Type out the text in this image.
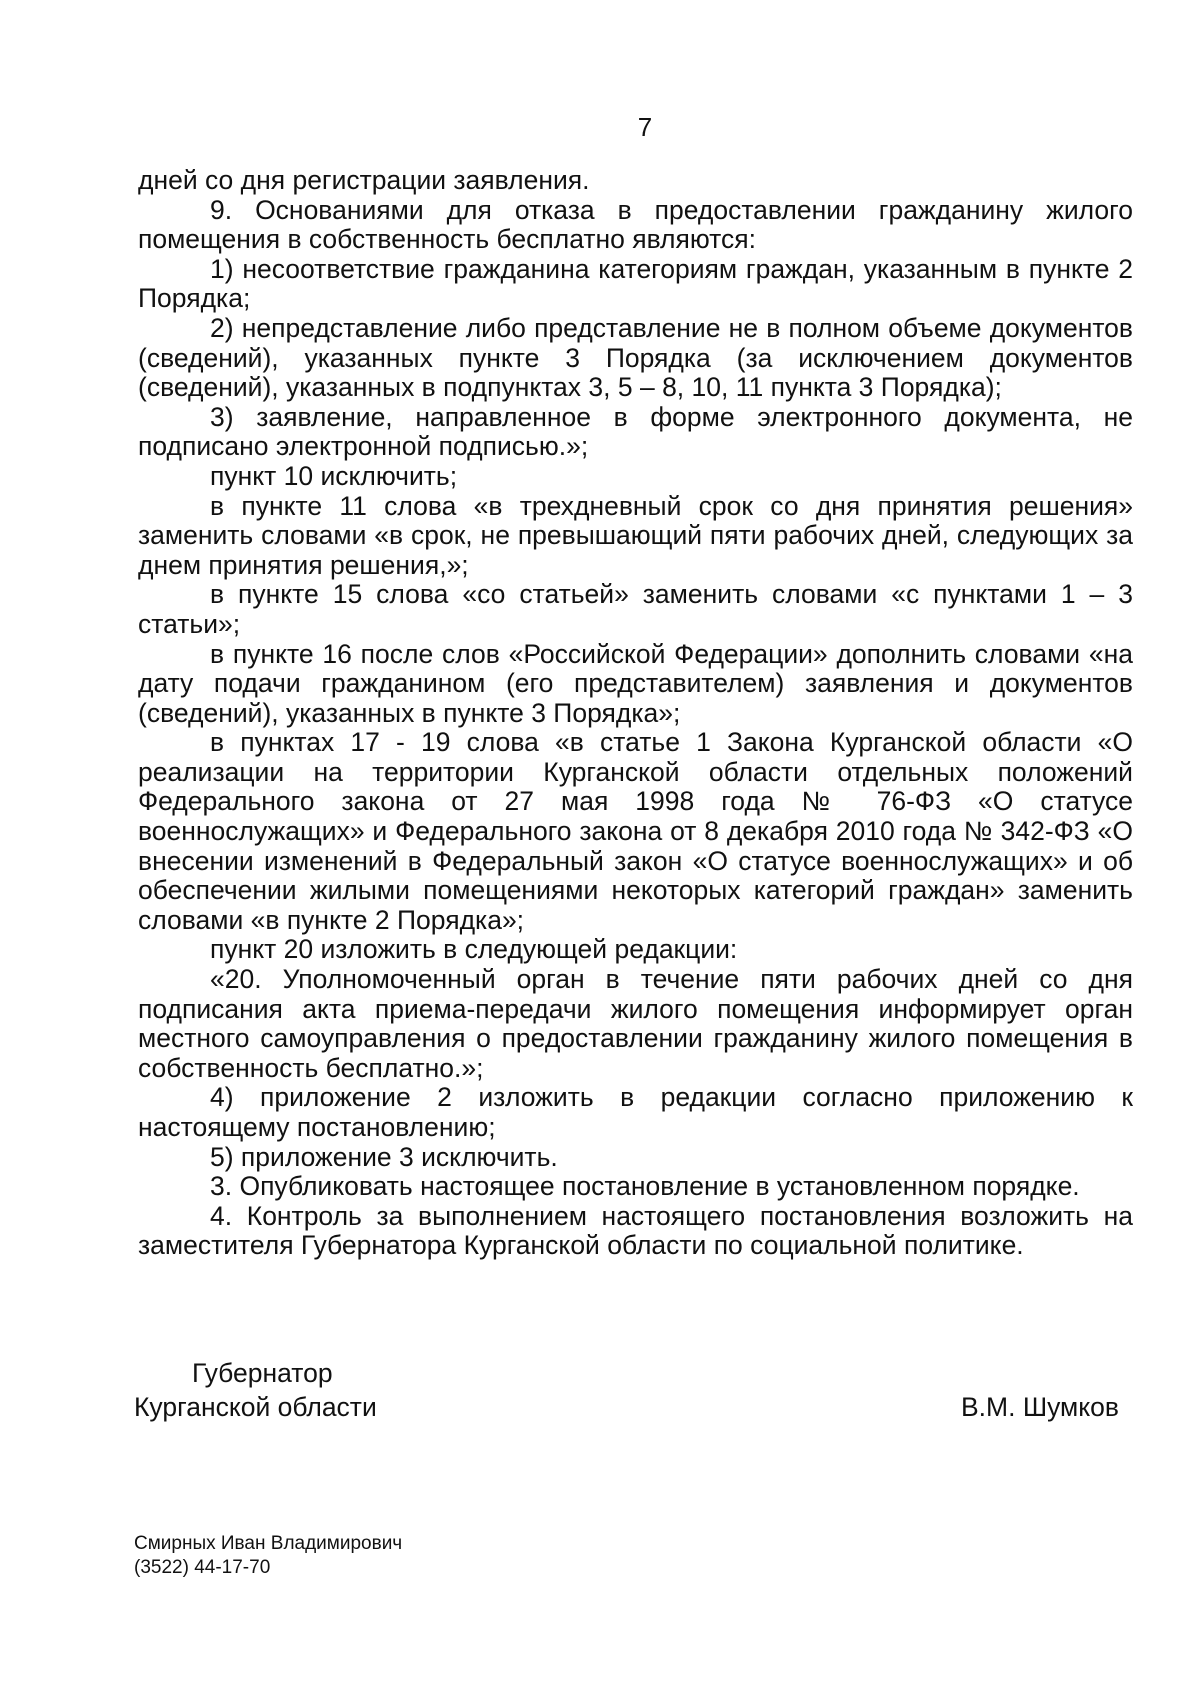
7

дней со дня регистрации заявления.

9. Основаниями для отказа в предоставлении гражданину жилого помещения в собственность бесплатно являются:

1) несоответствие гражданина категориям граждан, указанным в пункте 2 Порядка;

2) непредставление либо представление не в полном объеме документов (сведений), указанных пункте 3 Порядка (за исключением документов (сведений), указанных в подпунктах 3, 5 – 8, 10, 11 пункта 3 Порядка);

3) заявление, направленное в форме электронного документа, не подписано электронной подписью.»;

пункт 10 исключить;

в пункте 11 слова «в трехдневный срок со дня принятия решения» заменить словами «в срок, не превышающий пяти рабочих дней, следующих за днем принятия решения,»;

в пункте 15 слова «со статьей» заменить словами «с пунктами 1 – 3 статьи»;

в пункте 16 после слов «Российской Федерации» дополнить словами «на дату подачи гражданином (его представителем) заявления и документов (сведений), указанных в пункте 3 Порядка»;

в пунктах 17 - 19 слова «в статье 1 Закона Курганской области «О реализации на территории Курганской области отдельных положений Федерального закона от 27 мая 1998 года № 76-ФЗ «О статусе военнослужащих» и Федерального закона от 8 декабря 2010 года № 342-ФЗ «О внесении изменений в Федеральный закон «О статусе военнослужащих» и об обеспечении жилыми помещениями некоторых категорий граждан» заменить словами «в пункте 2 Порядка»;

пункт 20 изложить в следующей редакции:

«20. Уполномоченный орган в течение пяти рабочих дней со дня подписания акта приема-передачи жилого помещения информирует орган местного самоуправления о предоставлении гражданину жилого помещения в собственность бесплатно.»;

4) приложение 2 изложить в редакции согласно приложению к настоящему постановлению;

5) приложение 3 исключить.

3. Опубликовать настоящее постановление в установленном порядке.

4. Контроль за выполнением настоящего постановления возложить на заместителя Губернатора Курганской области по социальной политике.

Губернатор
Курганской области	В.М. Шумков
Смирных Иван Владимирович
(3522) 44-17-70
